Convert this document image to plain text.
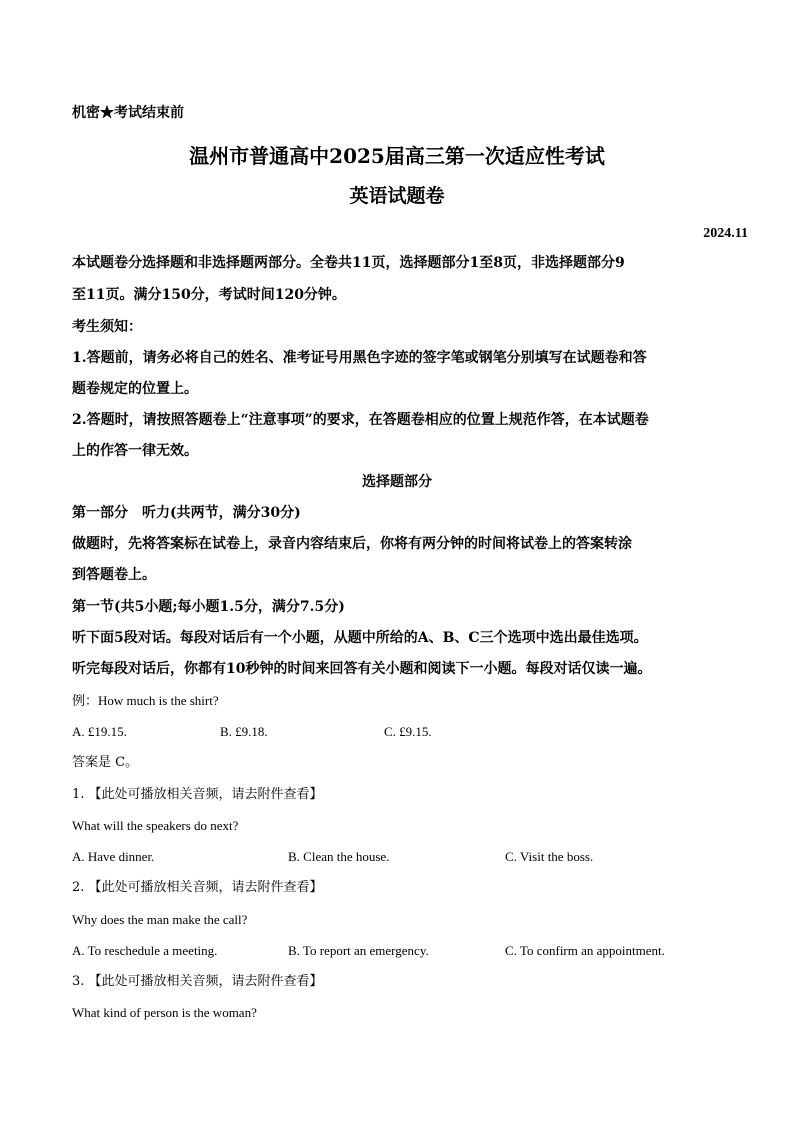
机密★考试结束前
温州市普通高中2025届高三第一次适应性考试
英语试题卷
2024.11
本试题卷分选择题和非选择题两部分。全卷共11页，选择题部分1至8页，非选择题部分9
至11页。满分150分，考试时间120分钟。
考生须知：
1.答题前，请务必将自己的姓名、准考证号用黑色字迹的签字笔或钢笔分别填写在试题卷和答
题卷规定的位置上。
2.答题时，请按照答题卷上“注意事项”的要求，在答题卷相应的位置上规范作答，在本试题卷
上的作答一律无效。
选择题部分
第一部分 听力(共两节，满分30分)
做题时，先将答案标在试卷上，录音内容结束后，你将有两分钟的时间将试卷上的答案转涂
到答题卷上。
第一节(共5小题;每小题1.5分，满分7.5分)
听下面5段对话。每段对话后有一个小题，从题中所给的A、B、C三个选项中选出最佳选项。
听完每段对话后，你都有10秒钟的时间来回答有关小题和阅读下一小题。每段对话仅读一遍。
例：How much is the shirt?
A. £19.15.	B. £9.18.	C. £9.15.
答案是 C。
1. 【此处可播放相关音频，请去附件查看】
What will the speakers do next?
A. Have dinner.	B. Clean the house.	C. Visit the boss.
2. 【此处可播放相关音频，请去附件查看】
Why does the man make the call?
A. To reschedule a meeting.	B. To report an emergency.	C. To confirm an appointment.
3. 【此处可播放相关音频，请去附件查看】
What kind of person is the woman?
